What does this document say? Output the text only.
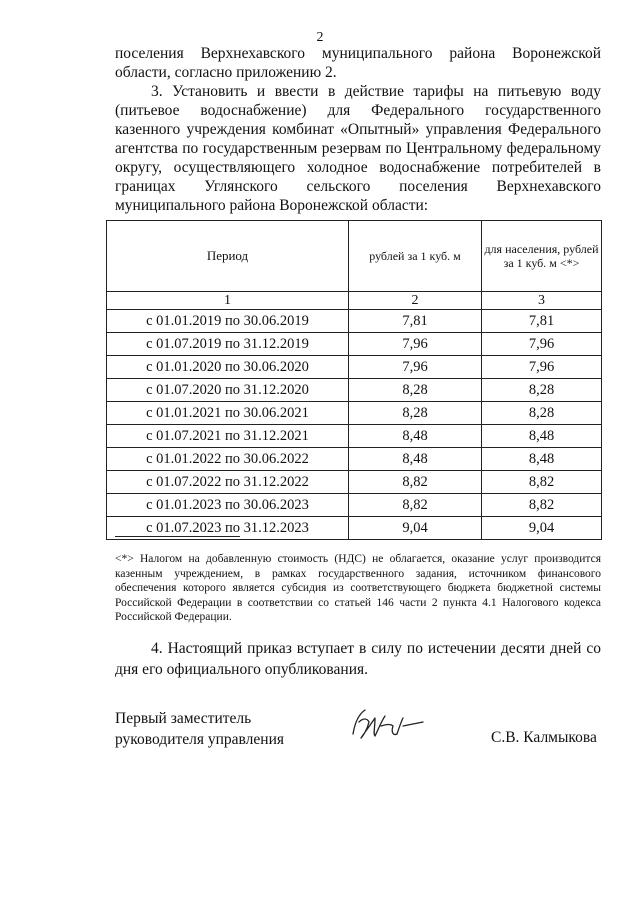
2

поселения Верхнехавского муниципального района Воронежской области, согласно приложению 2.

3. Установить и ввести в действие тарифы на питьевую воду (питьевое водоснабжение) для Федерального государственного казенного учреждения комбинат «Опытный» управления Федерального агентства по государственным резервам по Центральному федеральному округу, осуществляющего холодное водоснабжение потребителей в границах Углянского сельского поселения Верхнехавского муниципального района Воронежской области:

Период	рублей за 1 куб. м	для населения, рублей за 1 куб. м <*>
1	2	3
с 01.01.2019 по 30.06.2019	7,81	7,81
с 01.07.2019 по 31.12.2019	7,96	7,96
с 01.01.2020 по 30.06.2020	7,96	7,96
с 01.07.2020 по 31.12.2020	8,28	8,28
с 01.01.2021 по 30.06.2021	8,28	8,28
с 01.07.2021 по 31.12.2021	8,48	8,48
с 01.01.2022 по 30.06.2022	8,48	8,48
с 01.07.2022 по 31.12.2022	8,82	8,82
с 01.01.2023 по 30.06.2023	8,82	8,82
с 01.07.2023 по 31.12.2023	9,04	9,04
<*> Налогом на добавленную стоимость (НДС) не облагается, оказание услуг производится казенным учреждением, в рамках государственного задания, источником финансового обеспечения которого является субсидия из соответствующего бюджета бюджетной системы Российской Федерации в соответствии со статьей 146 части 2 пункта 4.1 Налогового кодекса Российской Федерации.

4. Настоящий приказ вступает в силу по истечении десяти дней со дня его официального опубликования.

Первый заместитель
руководителя управления	С.В. Калмыкова
